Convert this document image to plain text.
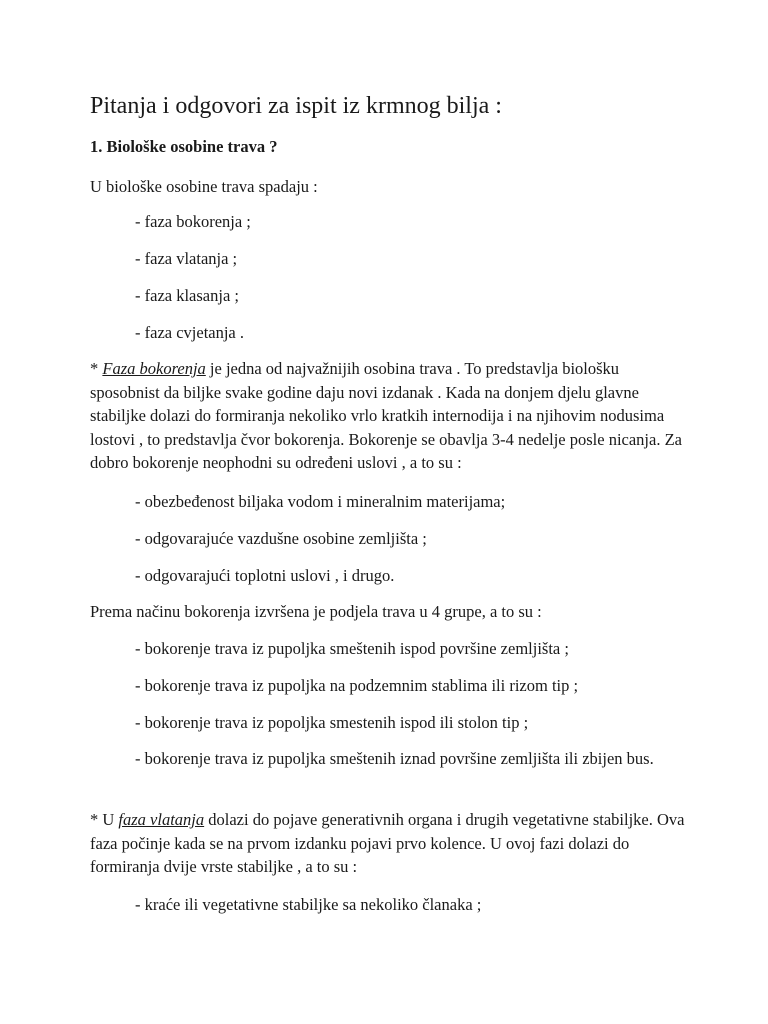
Pitanja i odgovori za ispit iz krmnog bilja :
1. Biološke osobine trava ?

U biološke osobine trava spadaju :

- faza bokorenja ;

- faza vlatanja ;

- faza klasanja ;

- faza cvjetanja .

* Faza bokorenja je jedna od najvažnijih osobina trava . To predstavlja biološku sposobnist da biljke svake godine daju novi izdanak . Kada na donjem djelu glavne stabiljke dolazi do formiranja nekoliko vrlo kratkih internodija i na njihovim nodusima lostovi , to predstavlja čvor bokorenja. Bokorenje se obavlja 3-4 nedelje posle nicanja. Za dobro bokorenje neophodni su određeni uslovi , a to su :

- obezbeđenost biljaka vodom i mineralnim materijama;

- odgovarajuće vazdušne osobine zemljišta ;

- odgovarajući toplotni uslovi , i drugo.

Prema načinu bokorenja izvršena je podjela trava u 4 grupe, a to su :

- bokorenje trava iz pupoljka smeštenih ispod površine zemljišta ;

- bokorenje trava iz pupoljka na podzemnim stablima ili rizom tip ;

- bokorenje trava iz popoljka smestenih ispod ili stolon tip ;

- bokorenje trava iz pupoljka smeštenih iznad površine zemljišta ili zbijen bus.

* U faza vlatanja dolazi do pojave generativnih organa i drugih vegetativne stabiljke. Ova faza počinje kada se na prvom izdanku pojavi prvo kolence. U ovoj fazi dolazi do formiranja dvije vrste stabiljke , a to su :

- kraće ili vegetativne stabiljke sa nekoliko članaka ;
